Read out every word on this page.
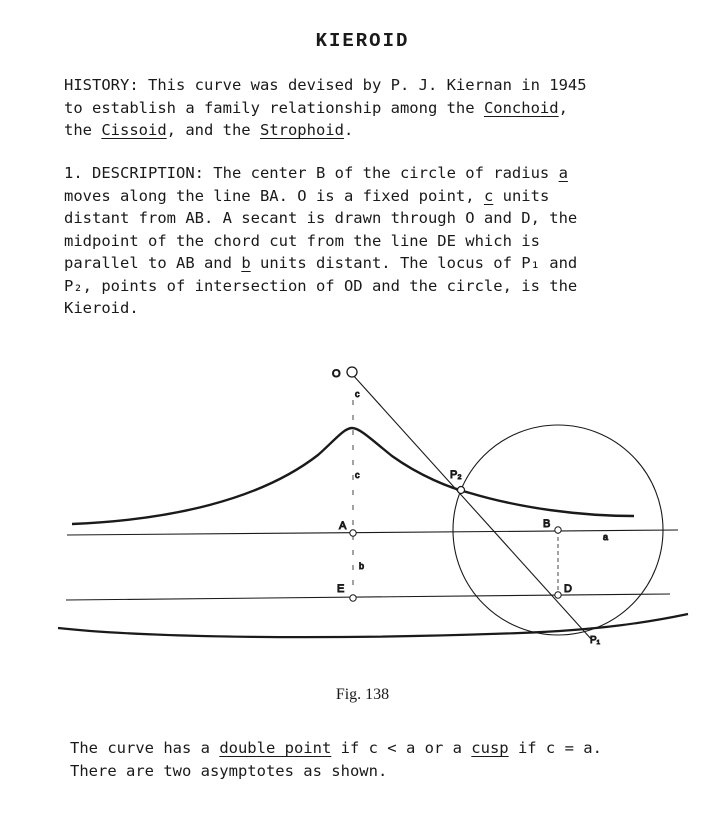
KIEROID
HISTORY: This curve was devised by P. J. Kiernan in 1945
to establish a family relationship among the Conchoid,
the Cissoid, and the Strophoid.
1. DESCRIPTION: The center B of the circle of radius a
moves along the line BA. O is a fixed point, c units
distant from AB. A secant is drawn through O and D, the
midpoint of the chord cut from the line DE which is
parallel to AB and b units distant. The locus of P₁ and
P₂, points of intersection of OD and the circle, is the
Kieroid.
O
c
c	P₂
A	B
a
b
E	D
P₁
Fig. 138
The curve has a double point if c < a or a cusp if c = a.
There are two asymptotes as shown.
